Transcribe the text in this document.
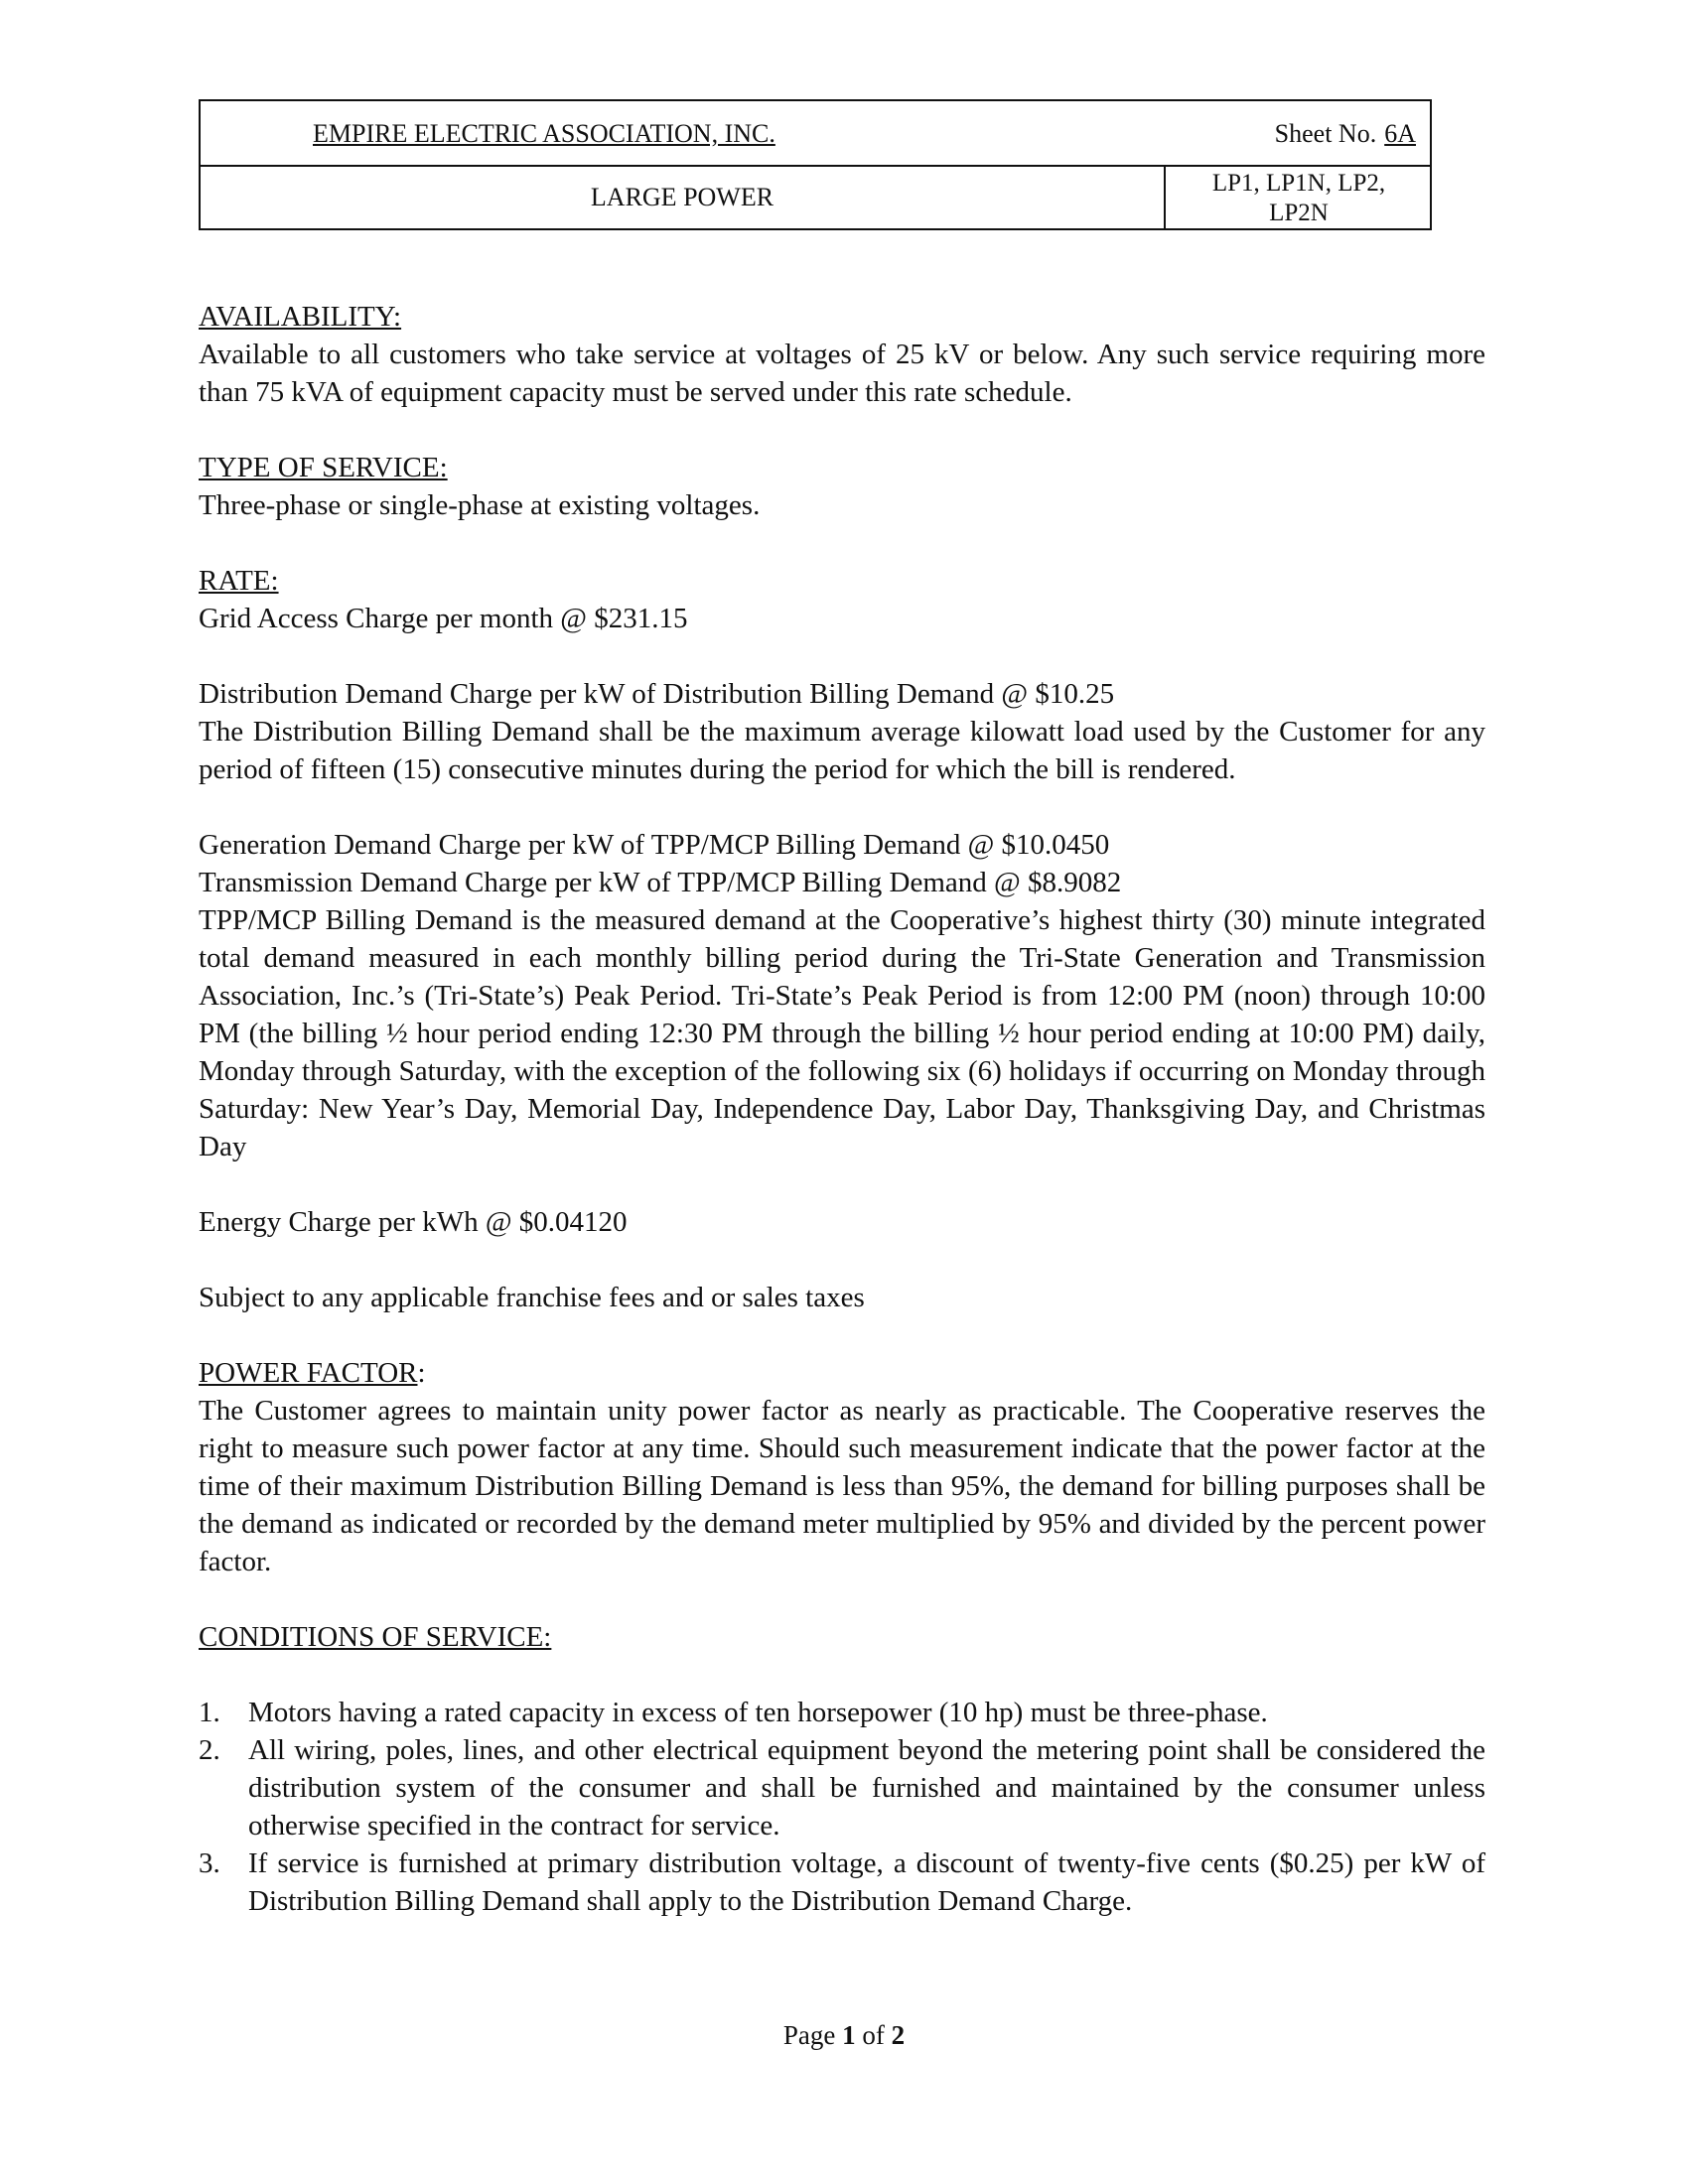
EMPIRE ELECTRIC ASSOCIATION, INC.	Sheet No. 6A
LARGE POWER	LP1, LP1N, LP2,
LP2N
AVAILABILITY:
Available to all customers who take service at voltages of 25 kV or below. Any such service requiring more than 75 kVA of equipment capacity must be served under this rate schedule.
TYPE OF SERVICE:
Three-phase or single-phase at existing voltages.
RATE:
Grid Access Charge per month @ $231.15
Distribution Demand Charge per kW of Distribution Billing Demand @ $10.25
The Distribution Billing Demand shall be the maximum average kilowatt load used by the Customer for any period of fifteen (15) consecutive minutes during the period for which the bill is rendered.
Generation Demand Charge per kW of TPP/MCP Billing Demand @ $10.0450
Transmission Demand Charge per kW of TPP/MCP Billing Demand @ $8.9082
TPP/MCP Billing Demand is the measured demand at the Cooperative’s highest thirty (30) minute integrated total demand measured in each monthly billing period during the Tri-State Generation and Transmission Association, Inc.’s (Tri-State’s) Peak Period. Tri-State’s Peak Period is from 12:00 PM (noon) through 10:00 PM (the billing ½ hour period ending 12:30 PM through the billing ½ hour period ending at 10:00 PM) daily, Monday through Saturday, with the exception of the following six (6) holidays if occurring on Monday through Saturday: New Year’s Day, Memorial Day, Independence Day, Labor Day, Thanksgiving Day, and Christmas Day
Energy Charge per kWh @ $0.04120
Subject to any applicable franchise fees and or sales taxes
POWER FACTOR:
The Customer agrees to maintain unity power factor as nearly as practicable. The Cooperative reserves the right to measure such power factor at any time. Should such measurement indicate that the power factor at the time of their maximum Distribution Billing Demand is less than 95%, the demand for billing purposes shall be the demand as indicated or recorded by the demand meter multiplied by 95% and divided by the percent power factor.
CONDITIONS OF SERVICE:
1. Motors having a rated capacity in excess of ten horsepower (10 hp) must be three-phase.
2. All wiring, poles, lines, and other electrical equipment beyond the metering point shall be considered the distribution system of the consumer and shall be furnished and maintained by the consumer unless otherwise specified in the contract for service.
3. If service is furnished at primary distribution voltage, a discount of twenty-five cents ($0.25) per kW of Distribution Billing Demand shall apply to the Distribution Demand Charge.
Page 1 of 2
